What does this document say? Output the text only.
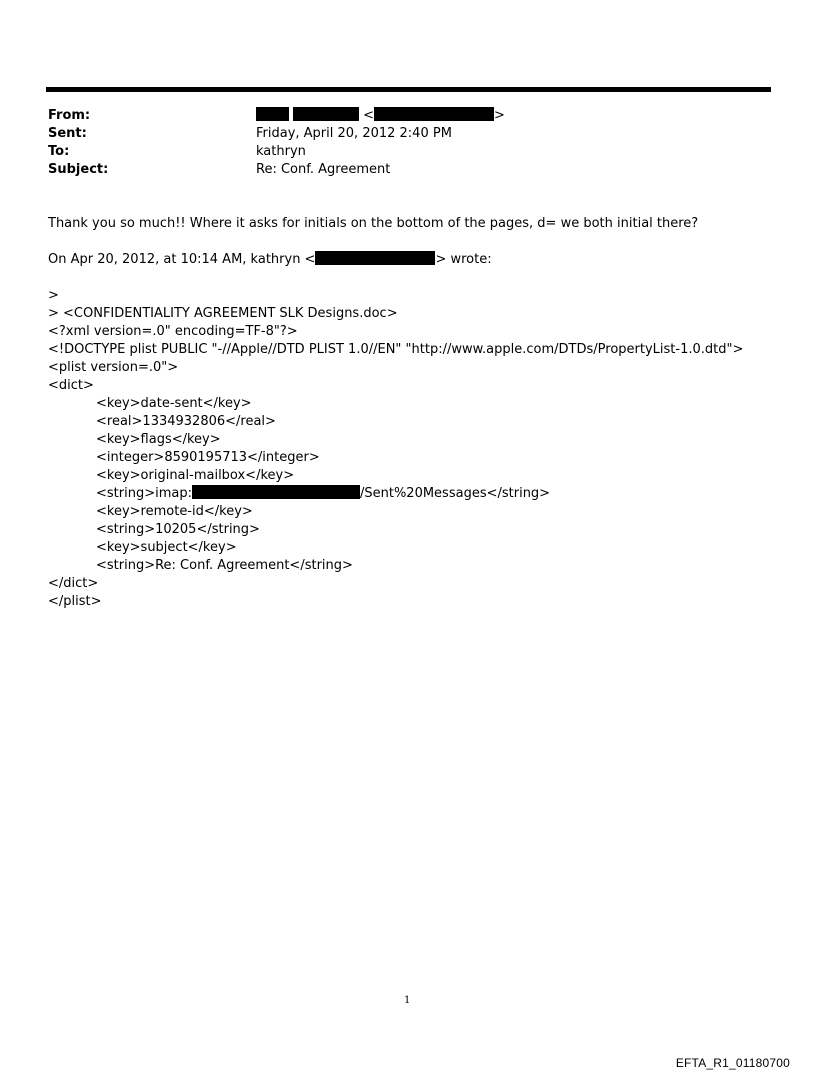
From:	<	>
Sent:	Friday, April 20, 2012 2:40 PM
To:	kathryn
Subject:	Re: Conf. Agreement
Thank you so much!! Where it asks for initials on the bottom of the pages, d= we both initial there?
On Apr 20, 2012, at 10:14 AM, kathryn <	> wrote:
>
> <CONFIDENTIALITY AGREEMENT SLK Designs.doc>
<?xml version=.0" encoding=TF-8"?>
<!DOCTYPE plist PUBLIC "-//Apple//DTD PLIST 1.0//EN" "http://www.apple.com/DTDs/PropertyList-1.0.dtd">
<plist version=.0">
<dict>
<key>date-sent</key>
<real>1334932806</real>
<key>flags</key>
<integer>8590195713</integer>
<key>original-mailbox</key>
<string>imap:	/Sent%20Messages</string>
<key>remote-id</key>
<string>10205</string>
<key>subject</key>
<string>Re: Conf. Agreement</string>
</dict>
</plist>
1
EFTA_R1_01180700
